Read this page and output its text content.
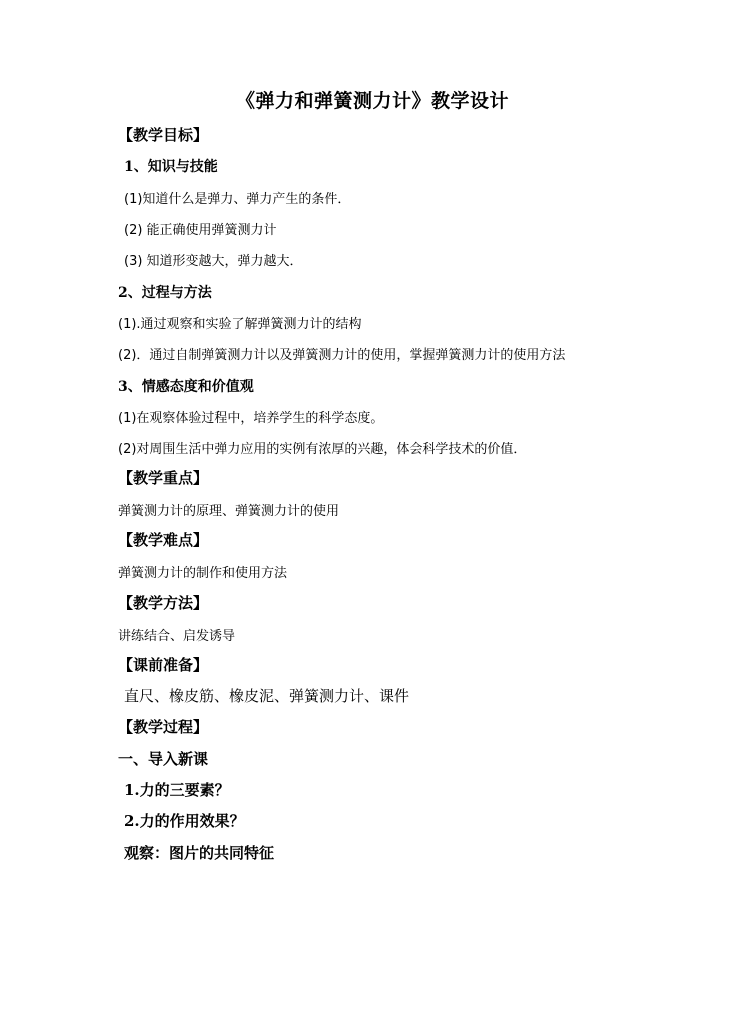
《弹力和弹簧测力计》教学设计
【教学目标】
1、知识与技能
(1)知道什么是弹力、弹力产生的条件．
(2) 能正确使用弹簧测力计
(3) 知道形变越大，弹力越大．
2、过程与方法
(1).通过观察和实验了解弹簧测力计的结构
(2)．通过自制弹簧测力计以及弹簧测力计的使用，掌握弹簧测力计的使用方法
3、情感态度和价值观
(1)在观察体验过程中，培养学生的科学态度。
(2)对周围生活中弹力应用的实例有浓厚的兴趣，体会科学技术的价值．
【教学重点】
弹簧测力计的原理、弹簧测力计的使用
【教学难点】
弹簧测力计的制作和使用方法
【教学方法】
讲练结合、启发诱导
【课前准备】
直尺、橡皮筋、橡皮泥、弹簧测力计、课件
【教学过程】
一、导入新课
1.力的三要素？
2.力的作用效果？
观察：图片的共同特征
